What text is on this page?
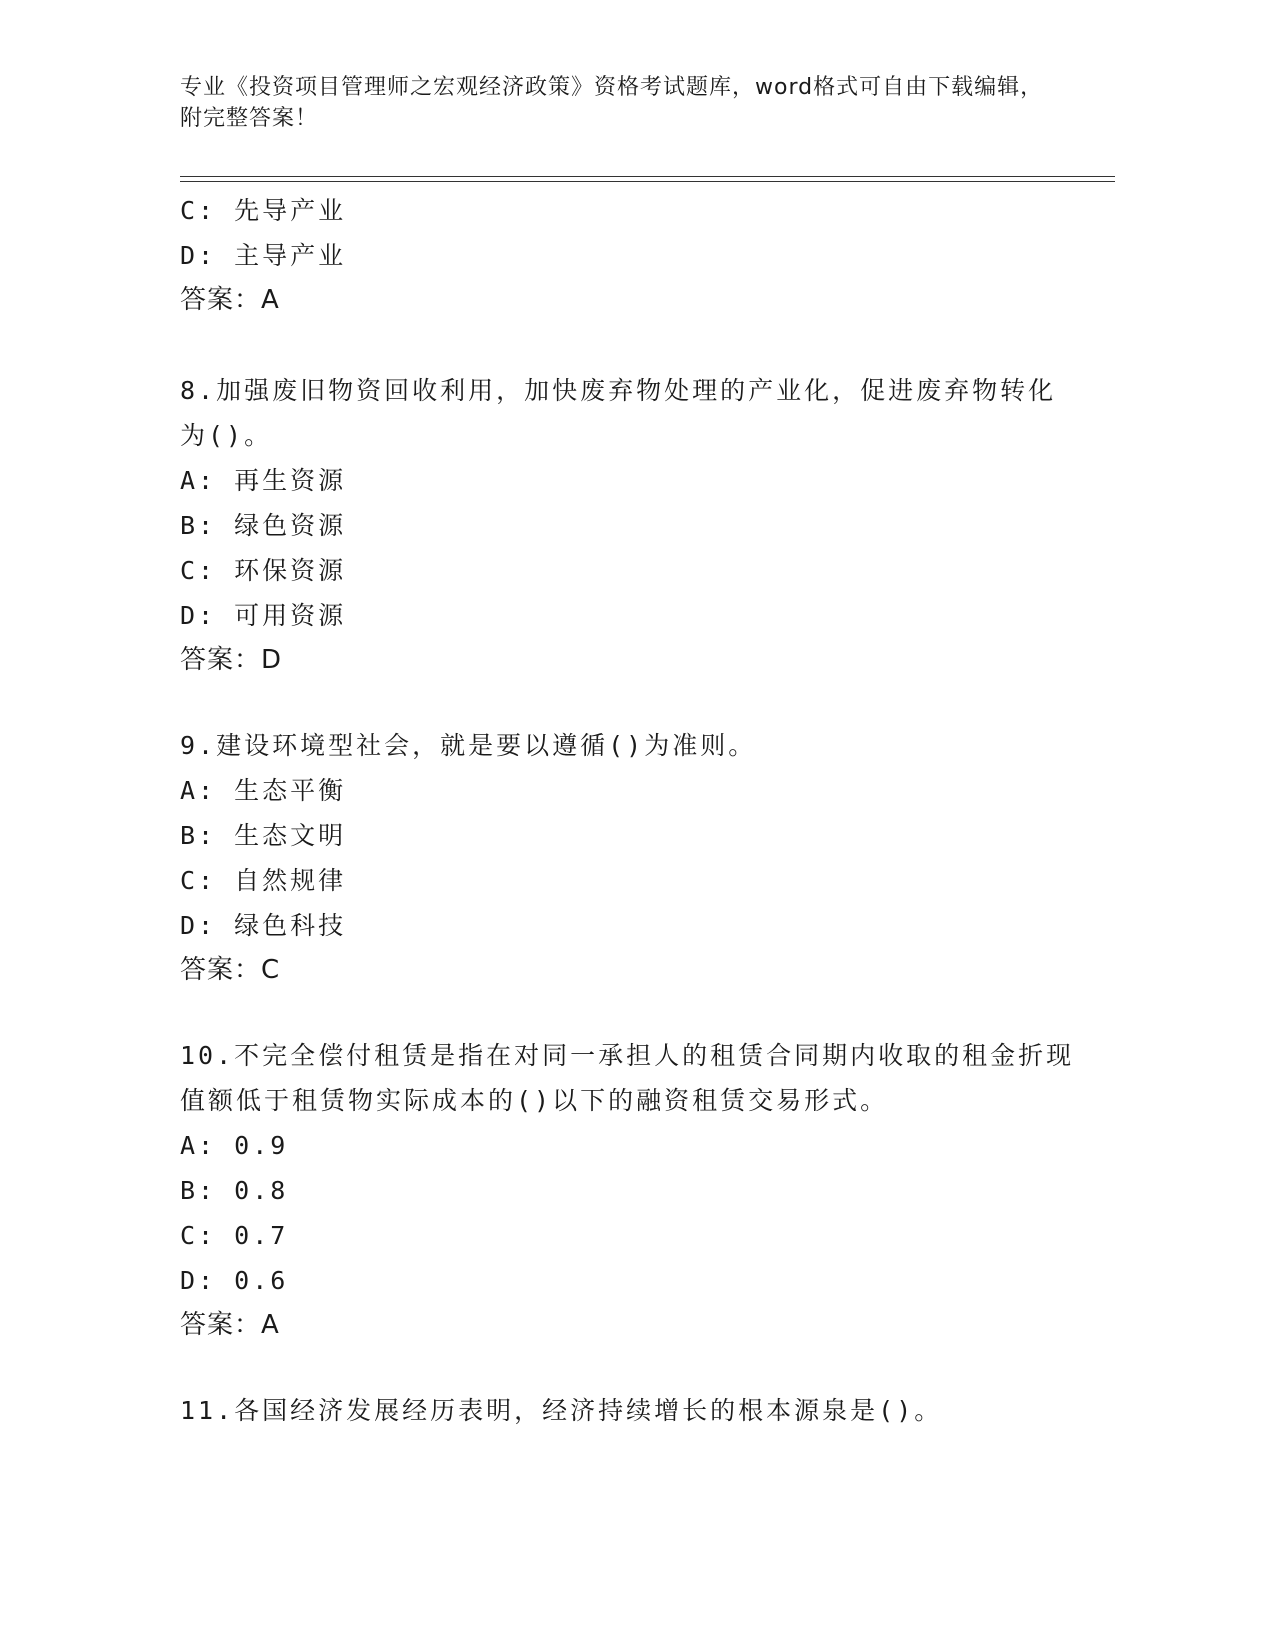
专业《投资项目管理师之宏观经济政策》资格考试题库，word格式可自由下载编辑，附完整答案！
C: 先导产业
D: 主导产业
答案：A
8.加强废旧物资回收利用，加快废弃物处理的产业化，促进废弃物转化为()。
A: 再生资源
B: 绿色资源
C: 环保资源
D: 可用资源
答案：D
9.建设环境型社会，就是要以遵循()为准则。
A: 生态平衡
B: 生态文明
C: 自然规律
D: 绿色科技
答案：C
10.不完全偿付租赁是指在对同一承担人的租赁合同期内收取的租金折现值额低于租赁物实际成本的()以下的融资租赁交易形式。
A: 0.9
B: 0.8
C: 0.7
D: 0.6
答案：A
11.各国经济发展经历表明，经济持续增长的根本源泉是()。
